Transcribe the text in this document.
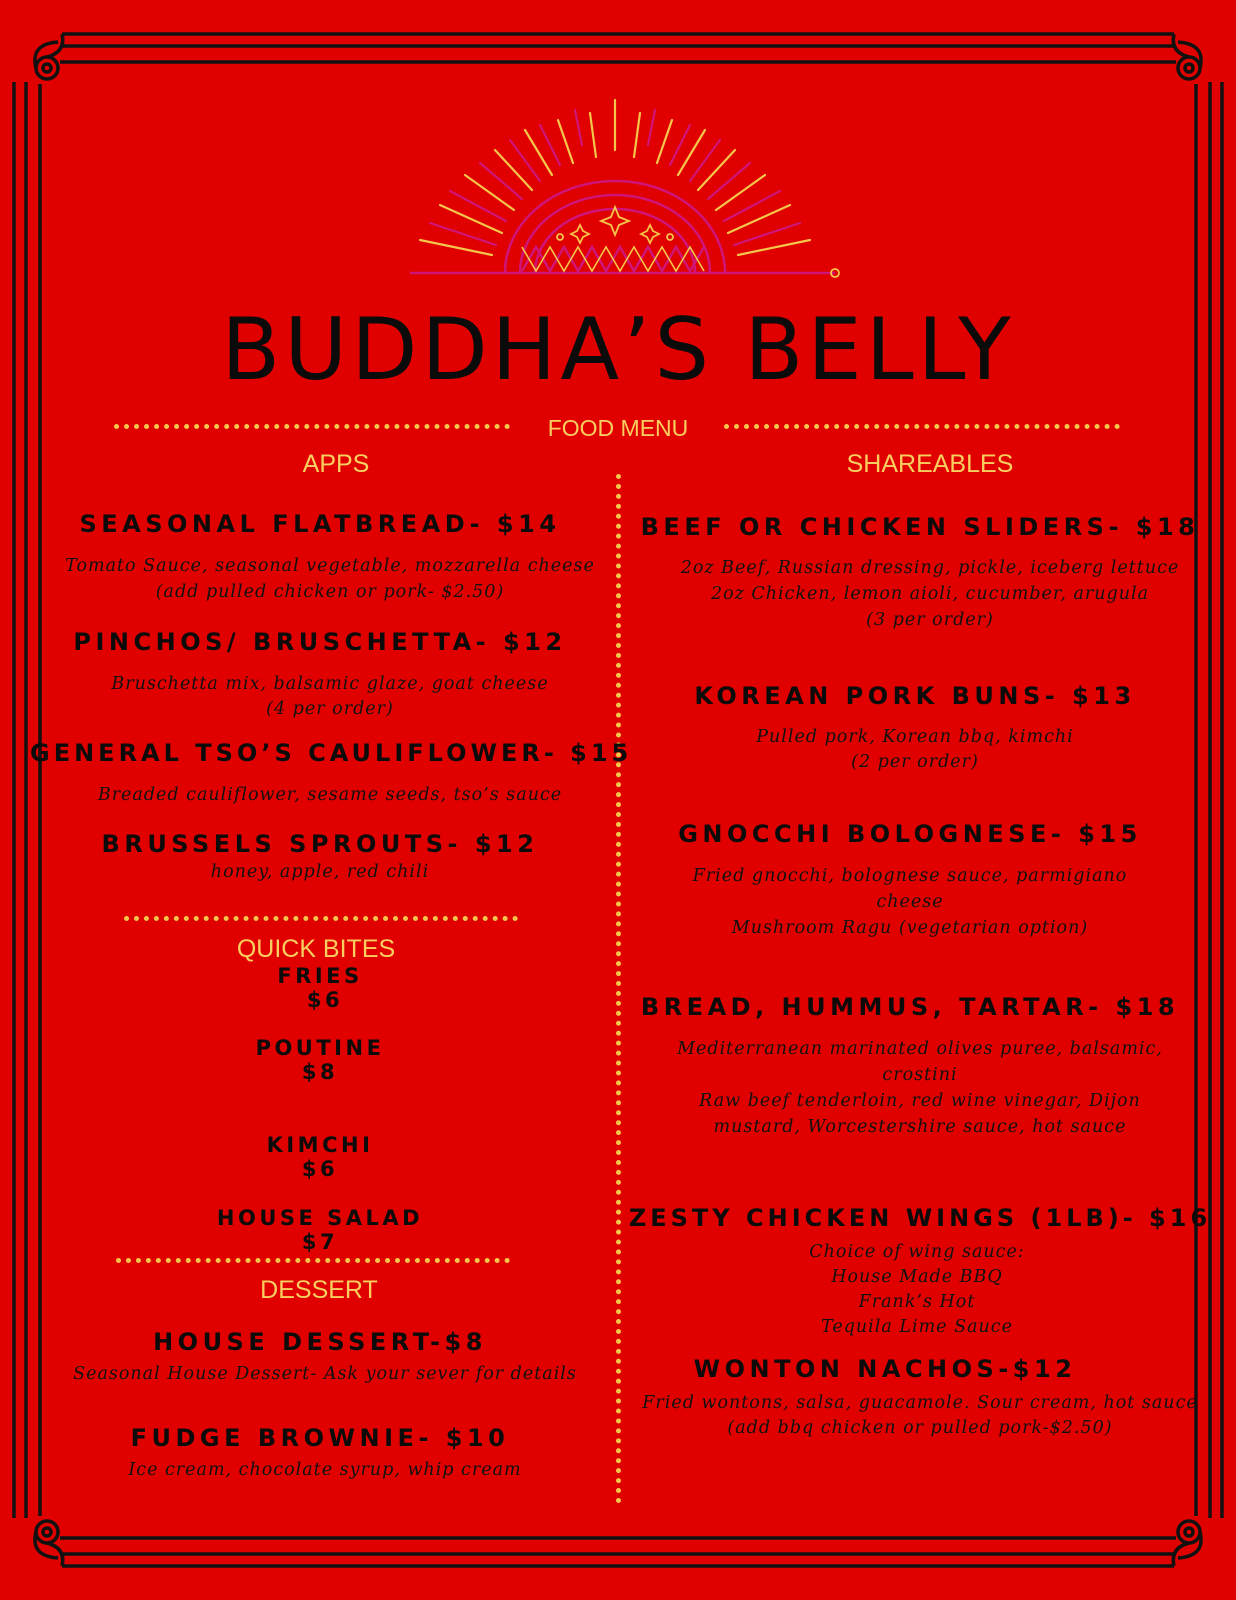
BUDDHA’S BELLY
FOOD MENU
APPS
SEASONAL FLATBREAD- $14
Tomato Sauce, seasonal vegetable, mozzarella cheese
(add pulled chicken or pork- $2.50)
PINCHOS/ BRUSCHETTA- $12
Bruschetta mix, balsamic glaze, goat cheese
(4 per order)
GENERAL TSO’S CAULIFLOWER- $15
Breaded cauliflower, sesame seeds, tso’s sauce
BRUSSELS SPROUTS- $12
honey, apple, red chili
QUICK BITES
FRIES
$6
POUTINE
$8
KIMCHI
$6
HOUSE SALAD
$7
DESSERT
HOUSE DESSERT-$8
Seasonal House Dessert- Ask your sever for details
FUDGE BROWNIE- $10
Ice cream, chocolate syrup, whip cream
SHAREABLES
BEEF OR CHICKEN SLIDERS- $18
2oz Beef, Russian dressing, pickle, iceberg lettuce
2oz Chicken, lemon aioli, cucumber, arugula
(3 per order)
KOREAN PORK BUNS- $13
Pulled pork, Korean bbq, kimchi
(2 per order)
GNOCCHI BOLOGNESE- $15
Fried gnocchi, bolognese sauce, parmigiano
cheese
Mushroom Ragu (vegetarian option)
BREAD, HUMMUS, TARTAR- $18
Mediterranean marinated olives puree, balsamic,
crostini
Raw beef tenderloin, red wine vinegar, Dijon
mustard, Worcestershire sauce, hot sauce
ZESTY CHICKEN WINGS (1LB)- $16
Choice of wing sauce:
House Made BBQ
Frank’s Hot
Tequila Lime Sauce
WONTON NACHOS-$12
Fried wontons, salsa, guacamole. Sour cream, hot sauce
(add bbq chicken or pulled pork-$2.50)
